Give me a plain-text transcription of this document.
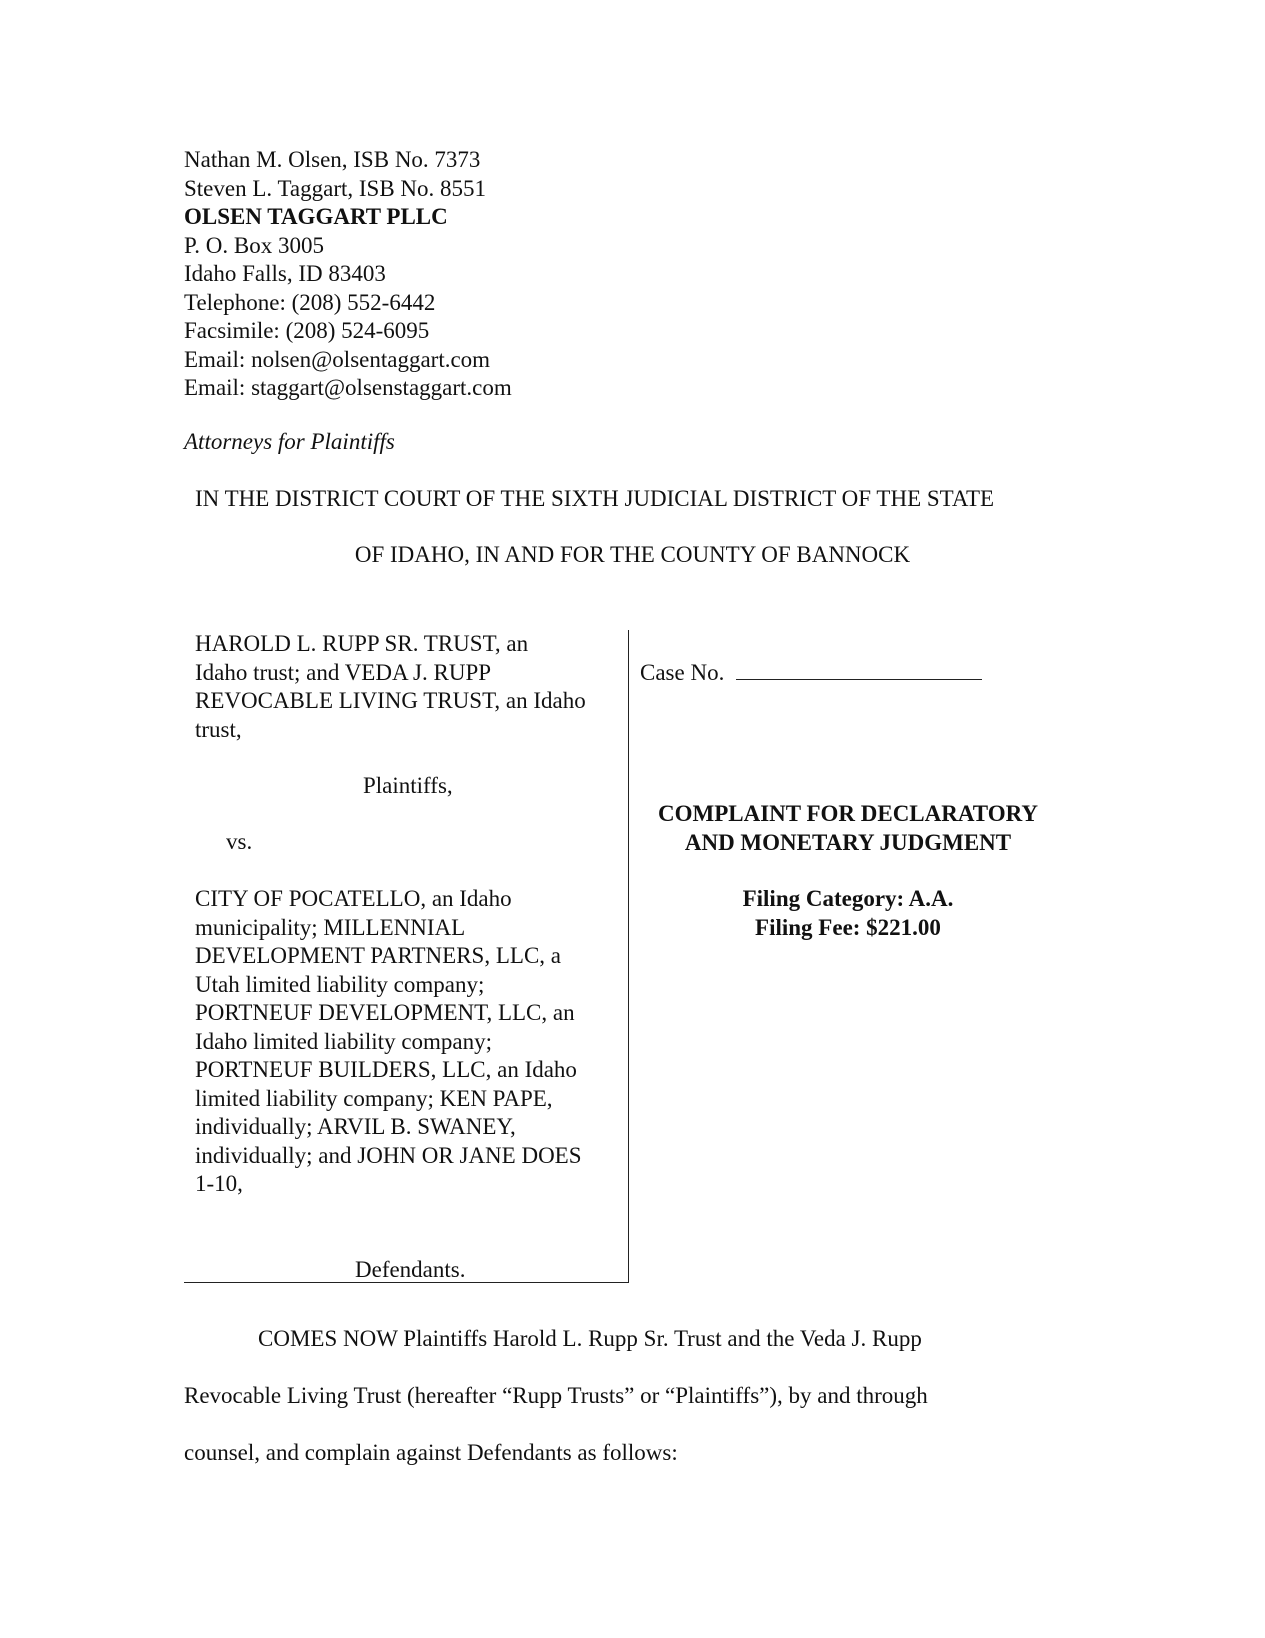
Nathan M. Olsen, ISB No. 7373
Steven L. Taggart, ISB No. 8551
OLSEN TAGGART PLLC
P. O. Box 3005
Idaho Falls, ID 83403
Telephone: (208) 552-6442
Facsimile: (208) 524-6095
Email: nolsen@olsentaggart.com
Email: staggart@olsenstaggart.com
Attorneys for Plaintiffs
IN THE DISTRICT COURT OF THE SIXTH JUDICIAL DISTRICT OF THE STATE
OF IDAHO, IN AND FOR THE COUNTY OF BANNOCK
HAROLD L. RUPP SR. TRUST, an
Idaho trust; and VEDA J. RUPP
REVOCABLE LIVING TRUST, an Idaho
trust,
Plaintiffs,
vs.
CITY OF POCATELLO, an Idaho
municipality; MILLENNIAL
DEVELOPMENT PARTNERS, LLC, a
Utah limited liability company;
PORTNEUF DEVELOPMENT, LLC, an
Idaho limited liability company;
PORTNEUF BUILDERS, LLC, an Idaho
limited liability company; KEN PAPE,
individually; ARVIL B. SWANEY,
individually; and JOHN OR JANE DOES
1-10,
Defendants.
Case No.
COMPLAINT FOR DECLARATORY
AND MONETARY JUDGMENT
Filing Category: A.A.
Filing Fee: $221.00

COMES NOW Plaintiffs Harold L. Rupp Sr. Trust and the Veda J. Rupp

Revocable Living Trust (hereafter “Rupp Trusts” or “Plaintiffs”), by and through

counsel, and complain against Defendants as follows:
